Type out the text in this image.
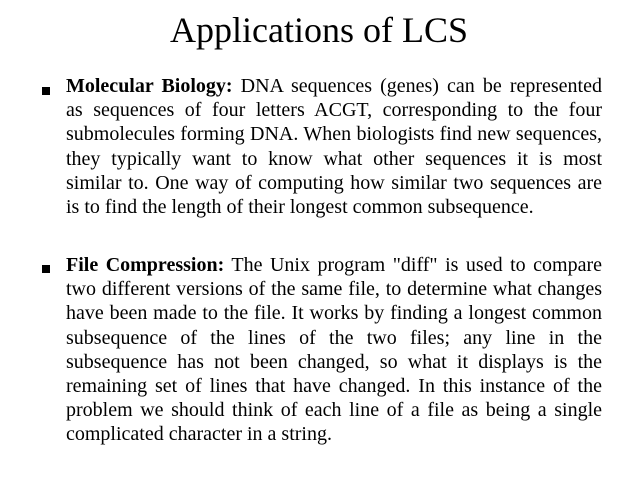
Applications of LCS

Molecular Biology: DNA sequences (genes) can be represented as sequences of four letters ACGT, corresponding to the four submolecules forming DNA. When biologists find new sequences, they typically want to know what other sequences it is most similar to. One way of computing how similar two sequences are is to find the length of their longest common subsequence.

File Compression: The Unix program "diff" is used to compare two different versions of the same file, to determine what changes have been made to the file. It works by finding a longest common subsequence of the lines of the two files; any line in the subsequence has not been changed, so what it displays is the remaining set of lines that have changed. In this instance of the problem we should think of each line of a file as being a single complicated character in a string.
